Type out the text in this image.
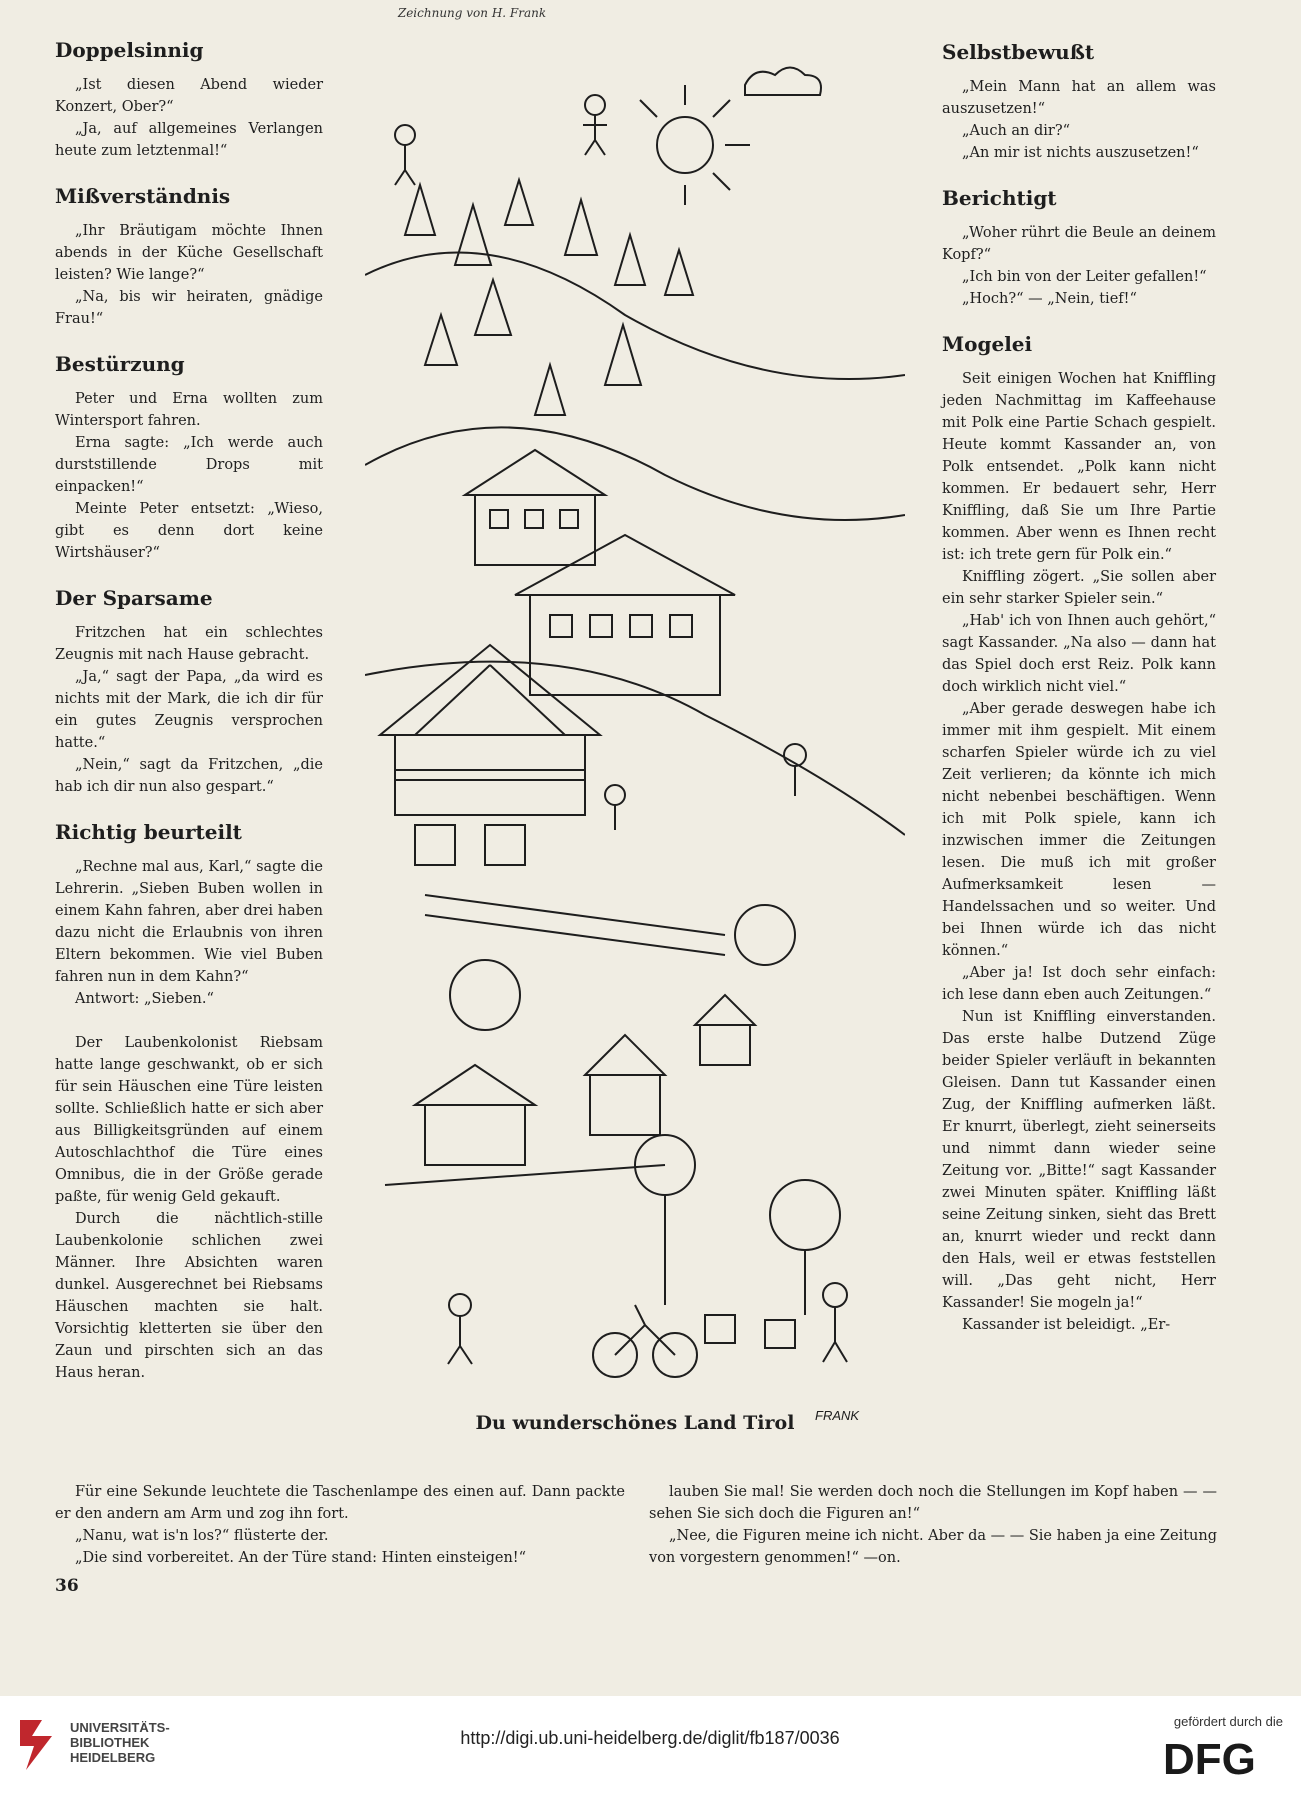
Zeichnung von H. Frank
Doppelsinnig

„Ist diesen Abend wieder Konzert, Ober?“

„Ja, auf allgemeines Verlangen heute zum letztenmal!“

Mißverständnis

„Ihr Bräutigam möchte Ihnen abends in der Küche Gesellschaft leisten? Wie lange?“

„Na, bis wir heiraten, gnädige Frau!“

Bestürzung

Peter und Erna wollten zum Wintersport fahren.

Erna sagte: „Ich werde auch durststillende Drops mit einpacken!“

Meinte Peter entsetzt: „Wieso, gibt es denn dort keine Wirtshäuser?“

Der Sparsame

Fritzchen hat ein schlechtes Zeugnis mit nach Hause gebracht.

„Ja,“ sagt der Papa, „da wird es nichts mit der Mark, die ich dir für ein gutes Zeugnis versprochen hatte.“

„Nein,“ sagt da Fritzchen, „die hab ich dir nun also gespart.“

Richtig beurteilt

„Rechne mal aus, Karl,“ sagte die Lehrerin. „Sieben Buben wollen in einem Kahn fahren, aber drei haben dazu nicht die Erlaubnis von ihren Eltern bekommen. Wie viel Buben fahren nun in dem Kahn?“

Antwort: „Sieben.“

Der Laubenkolonist Riebsam hatte lange geschwankt, ob er sich für sein Häuschen eine Türe leisten sollte. Schließlich hatte er sich aber aus Billigkeitsgründen auf einem Autoschlachthof die Türe eines Omnibus, die in der Größe gerade paßte, für wenig Geld gekauft.

Durch die nächtlich-stille Laubenkolonie schlichen zwei Männer. Ihre Absichten waren dunkel. Ausgerechnet bei Riebsams Häuschen machten sie halt. Vorsichtig kletterten sie über den Zaun und pirschten sich an das Haus heran.

Selbstbewußt

„Mein Mann hat an allem was auszusetzen!“

„Auch an dir?“

„An mir ist nichts auszusetzen!“

Berichtigt

„Woher rührt die Beule an deinem Kopf?“

„Ich bin von der Leiter gefallen!“

„Hoch?“ — „Nein, tief!“

Mogelei

Seit einigen Wochen hat Kniffling jeden Nachmittag im Kaffeehause mit Polk eine Partie Schach gespielt. Heute kommt Kassander an, von Polk entsendet. „Polk kann nicht kommen. Er bedauert sehr, Herr Kniffling, daß Sie um Ihre Partie kommen. Aber wenn es Ihnen recht ist: ich trete gern für Polk ein.“

Kniffling zögert. „Sie sollen aber ein sehr starker Spieler sein.“

„Hab' ich von Ihnen auch gehört,“ sagt Kassander. „Na also — dann hat das Spiel doch erst Reiz. Polk kann doch wirklich nicht viel.“

„Aber gerade deswegen habe ich immer mit ihm gespielt. Mit einem scharfen Spieler würde ich zu viel Zeit verlieren; da könnte ich mich nicht nebenbei beschäftigen. Wenn ich mit Polk spiele, kann ich inzwischen immer die Zeitungen lesen. Die muß ich mit großer Aufmerksamkeit lesen — Handelssachen und so weiter. Und bei Ihnen würde ich das nicht können.“

„Aber ja! Ist doch sehr einfach: ich lese dann eben auch Zeitungen.“

Nun ist Kniffling einverstanden. Das erste halbe Dutzend Züge beider Spieler verläuft in bekannten Gleisen. Dann tut Kassander einen Zug, der Kniffling aufmerken läßt. Er knurrt, überlegt, zieht seinerseits und nimmt dann wieder seine Zeitung vor. „Bitte!“ sagt Kassander zwei Minuten später. Kniffling läßt seine Zeitung sinken, sieht das Brett an, knurrt wieder und reckt dann den Hals, weil er etwas feststellen will. „Das geht nicht, Herr Kassander! Sie mogeln ja!“

Kassander ist beleidigt. „Er-

FRANK
Du wunderschönes Land Tirol

Für eine Sekunde leuchtete die Taschenlampe des einen auf. Dann packte er den andern am Arm und zog ihn fort.

„Nanu, wat is'n los?“ flüsterte der.

„Die sind vorbereitet. An der Türe stand: Hinten einsteigen!“

lauben Sie mal! Sie werden doch noch die Stellungen im Kopf haben — — sehen Sie sich doch die Figuren an!“

„Nee, die Figuren meine ich nicht. Aber da — — Sie haben ja eine Zeitung von vorgestern genommen!“ —on.

36
UNIVERSITÄTS-
BIBLIOTHEK
HEIDELBERG
http://digi.ub.uni-heidelberg.de/diglit/fb187/0036
gefördert durch die
DFG
